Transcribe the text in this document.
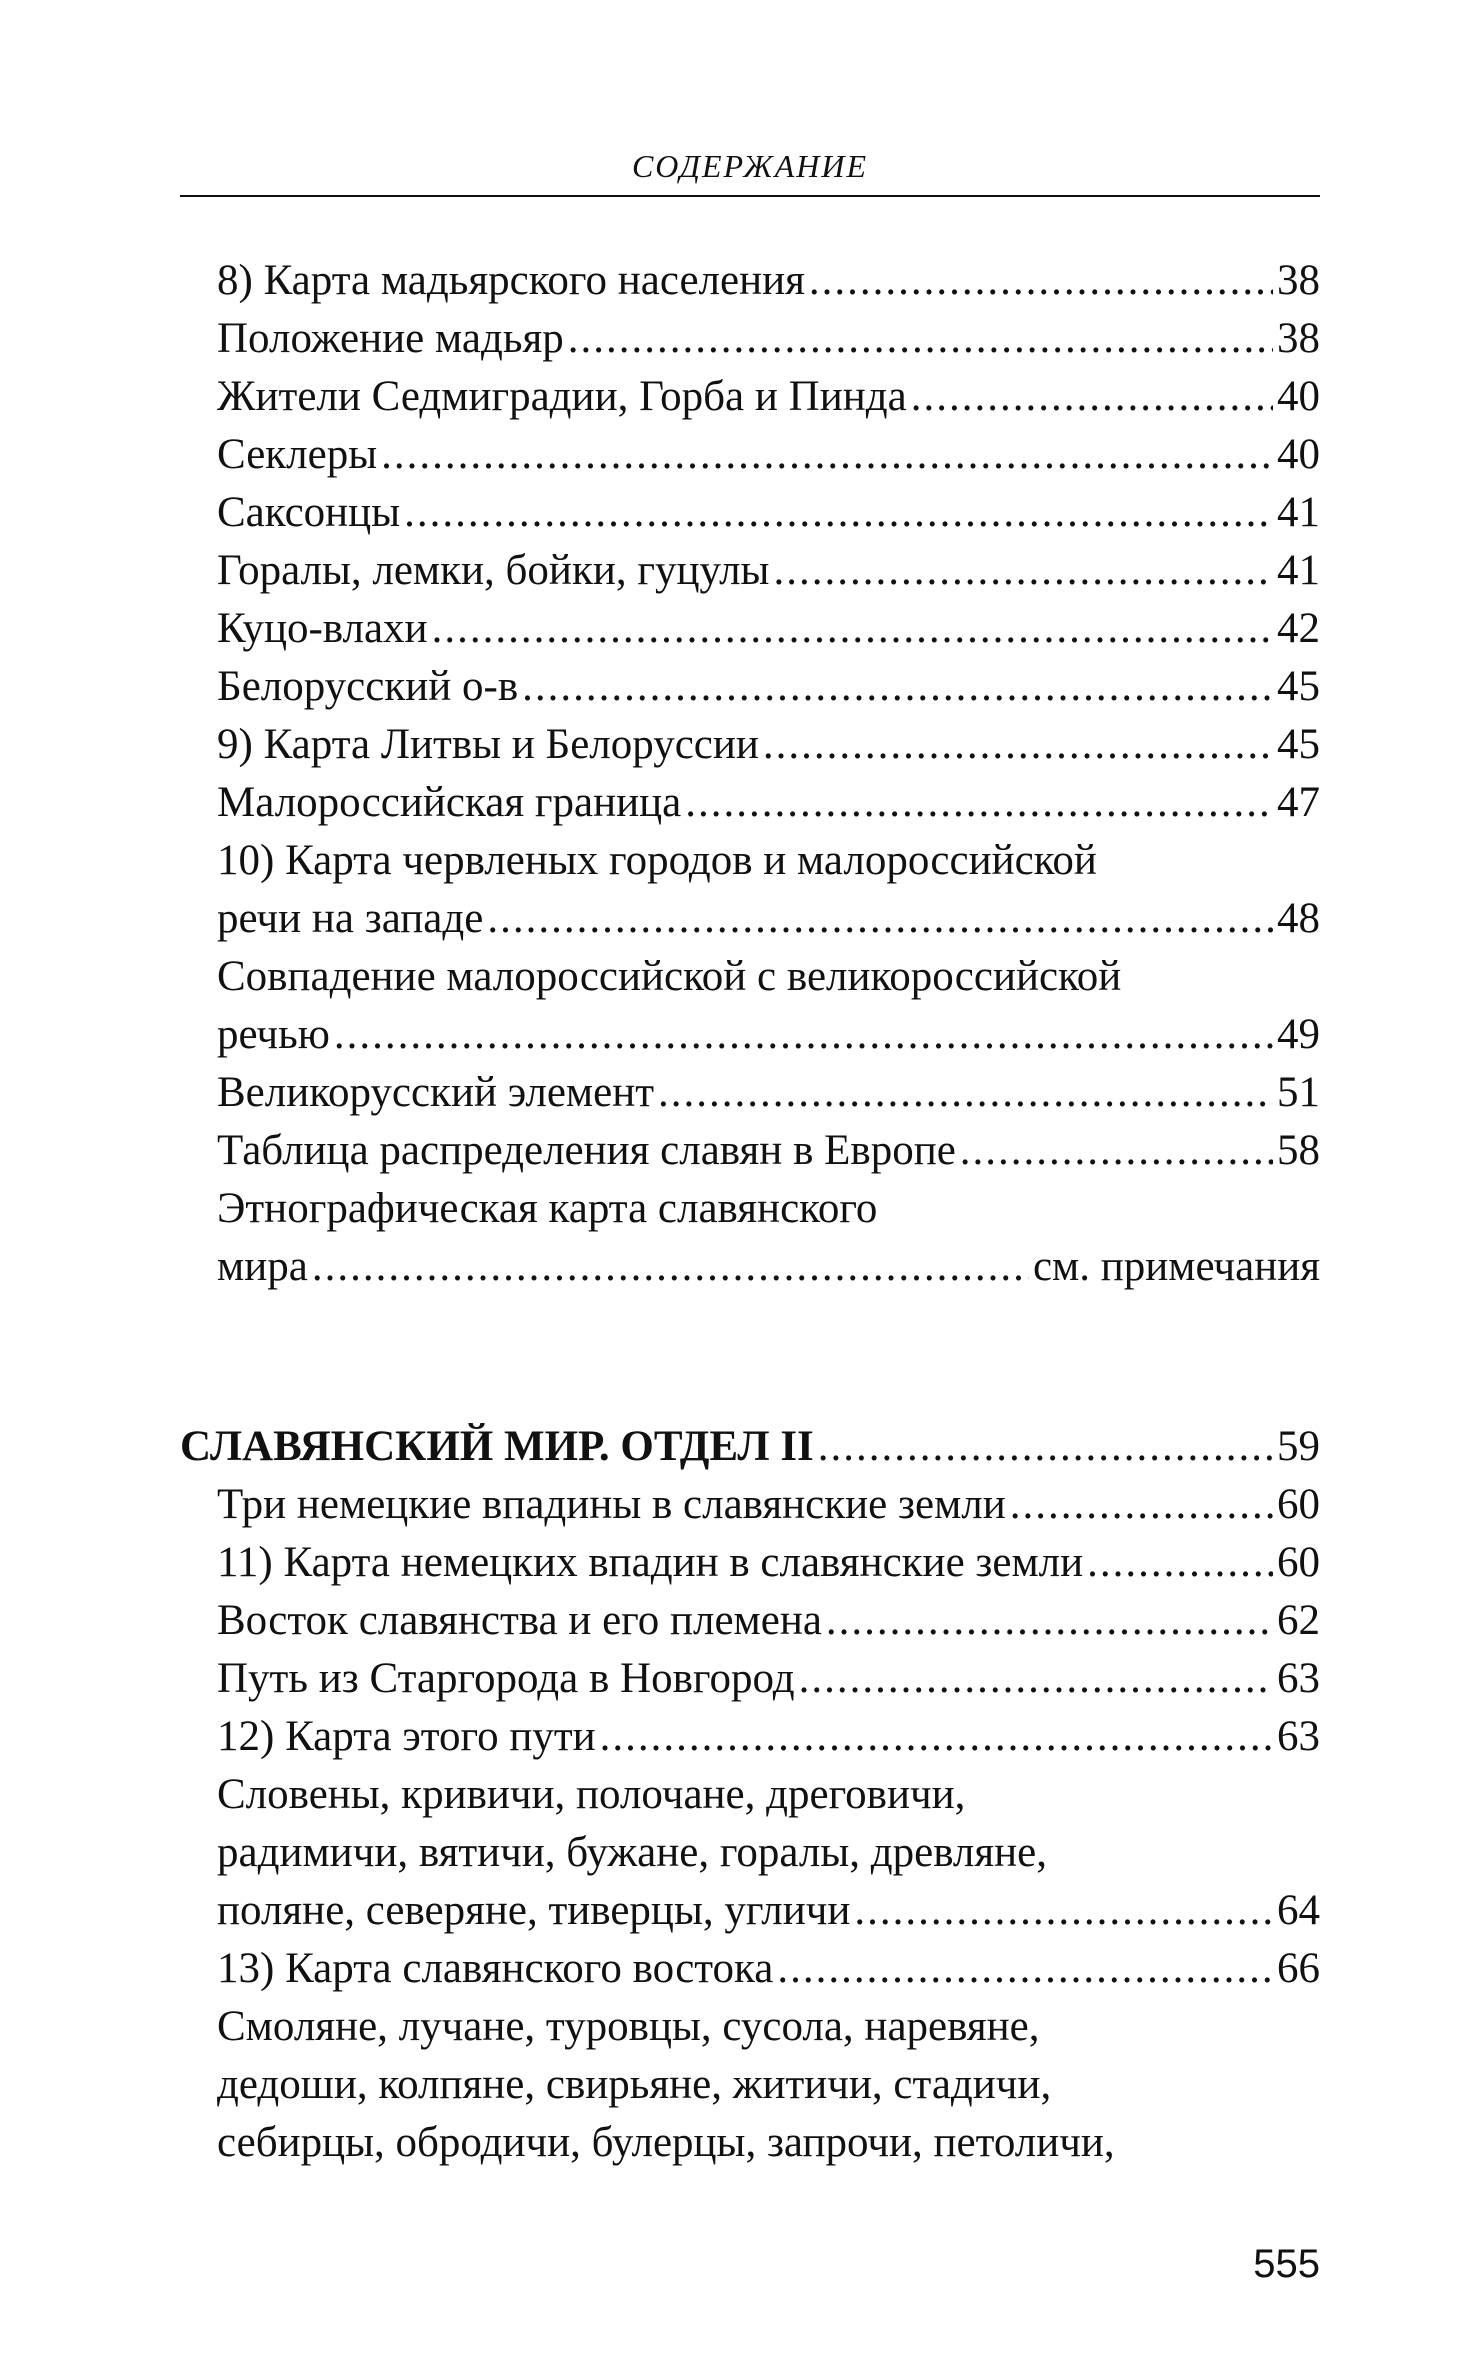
СОДЕРЖАНИЕ
8) Карта мадьярского населения .....	38
Положение мадьяр .....	38
Жители Седмиградии, Горба и Пинда .....	40
Секлеры .....	40
Саксонцы .....	41
Горалы, лемки, бойки, гуцулы .....	41
Куцо-влахи .....	42
Белорусский о-в .....	45
9) Карта Литвы и Белоруссии .....	45
Малороссийская граница .....	47
10) Карта червленых городов и малороссийской
речи на западе .....	48
Совпадение малороссийской с великороссийской
речью .....	49
Великорусский элемент .....	51
Таблица распределения славян в Европе .....	58
Этнографическая карта славянского
мира .....	см. примечания
СЛАВЯНСКИЙ МИР. ОТДЕЛ II .....	59
Три немецкие впадины в славянские земли .....	60
11) Карта немецких впадин в славянские земли .....	60
Восток славянства и его племена .....	62
Путь из Старгорода в Новгород .....	63
12) Карта этого пути .....	63
Словены, кривичи, полочане, дреговичи,
радимичи, вятичи, бужане, горалы, древляне,
поляне, северяне, тиверцы, угличи .....	64
13) Карта славянского востока .....	66
Смоляне, лучане, туровцы, сусола, наревяне,
дедоши, колпяне, свирьяне, житичи, стадичи,
себирцы, обродичи, булерцы, запрочи, петоличи,
555
